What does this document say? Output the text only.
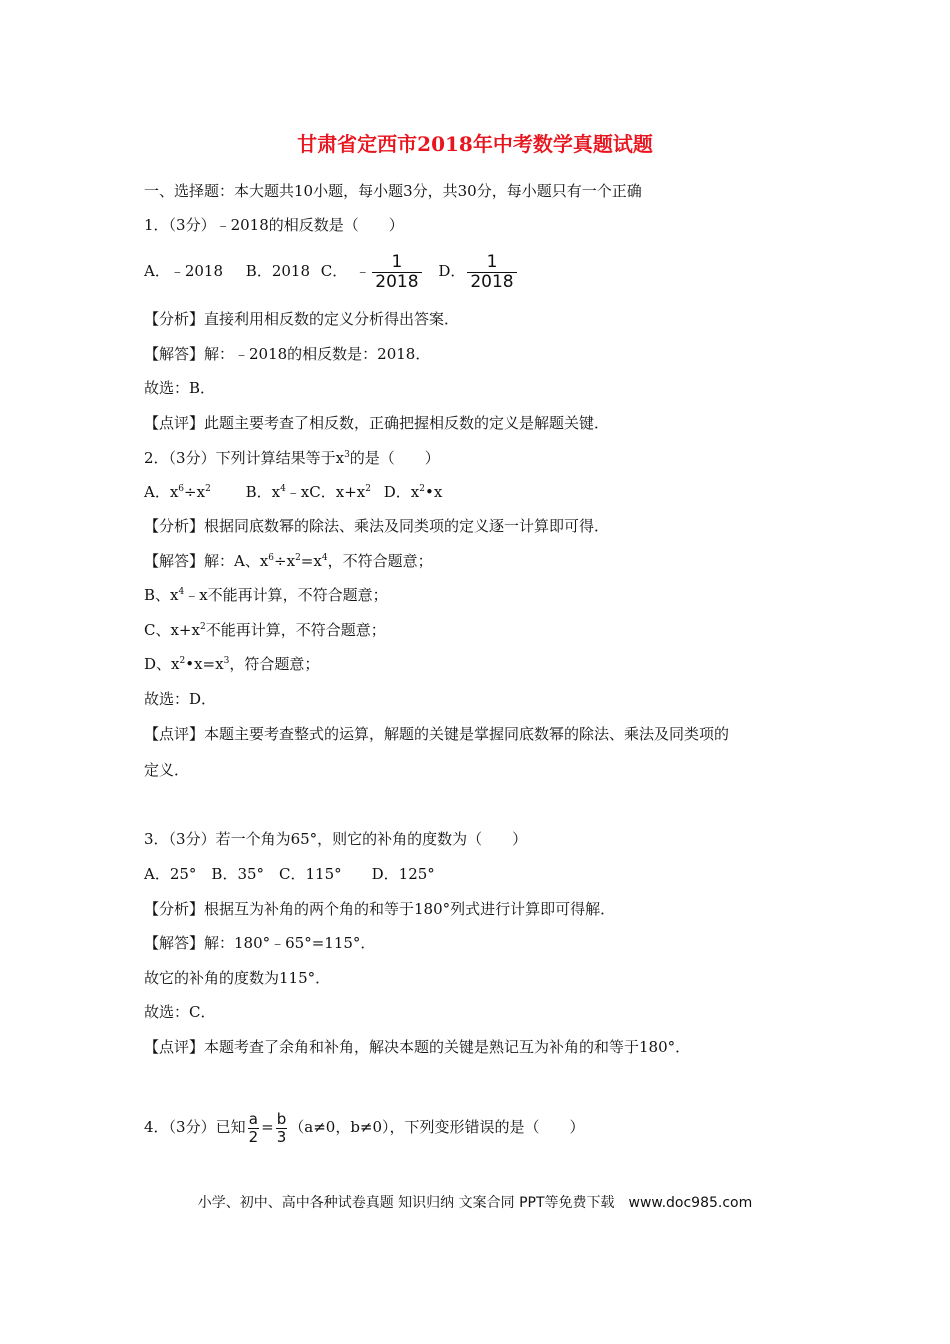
甘肃省定西市2018年中考数学真题试题
一、选择题：本大题共10小题，每小题3分，共30分，每小题只有一个正确
1．（3分）﹣2018的相反数是（　　）
A．﹣2018 B．2018 C． ﹣ $\frac{1}{2018}$ D． $\frac{1}{2018}$
【分析】直接利用相反数的定义分析得出答案．
【解答】解：﹣2018的相反数是：2018．
故选：B．
【点评】此题主要考查了相反数，正确把握相反数的定义是解题关键．
2．（3分）下列计算结果等于$x^3$的是（　　）
A．$x^6\div x^2$ B．$x^4﹣xC$．$x+x^2$ D．$x^2•x$
【分析】根据同底数幂的除法、乘法及同类项的定义逐一计算即可得．
【解答】解：A、$x^6\div x^2=x^4$，不符合题意；
B、$x^4﹣x$不能再计算，不符合题意；
C、$x+x^2$不能再计算，不符合题意；
D、$x^2•x=x^3$，符合题意；
故选：D．
【点评】本题主要考查整式的运算，解题的关键是掌握同底数幂的除法、乘法及同类项的
定义．
3．（3分）若一个角为65°，则它的补角的度数为（　　）
A．25°　B．35°　C．115°　　D．125°
【分析】根据互为补角的两个角的和等于180°列式进行计算即可得解．
【解答】解：180°﹣65°=115°．
故它的补角的度数为115°．
故选：C．
【点评】本题考查了余角和补角，解决本题的关键是熟记互为补角的和等于180°．
4．（3分）已知 $\frac{a}{2} = \frac{b}{3} (a\ne 0$，b≠0），下列变形错误的是（　　）
小学、初中、高中各种试卷真题 知识归纳 文案合同 PPT等免费下载　www.doc985.com
